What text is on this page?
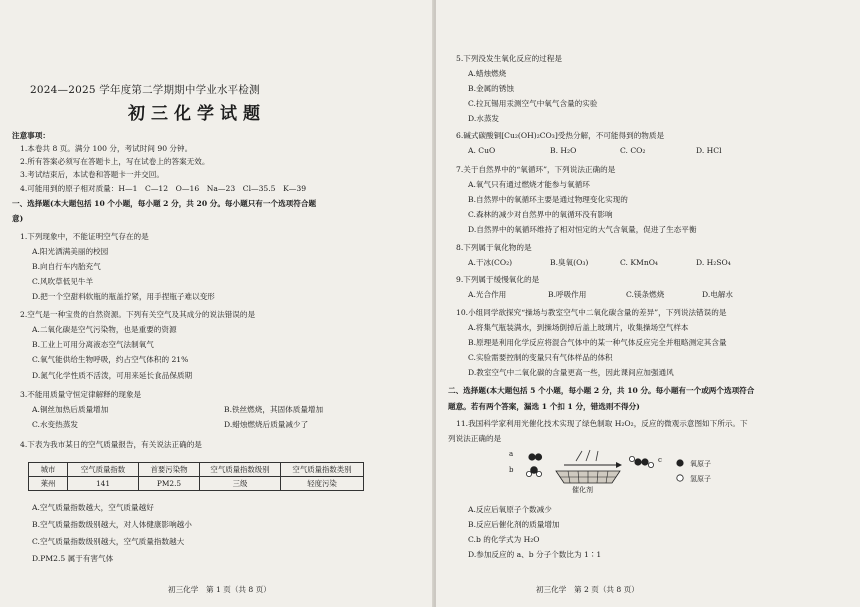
2024—2025 学年度第二学期期中学业水平检测
初三化学试题
注意事项：
1.本卷共 8 页。满分 100 分，考试时间 90 分钟。
2.所有答案必须写在答题卡上，写在试卷上的答案无效。
3.考试结束后，本试卷和答题卡一并交回。
4.可能用到的原子相对质量：H—1　C—12　O—16　Na—23　Cl—35.5　K—39
一、选择题(本大题包括 10 个小题，每小题 2 分，共 20 分。每小题只有一个选项符合题
意)
1.下列现象中，不能证明空气存在的是
A.阳光洒满美丽的校园
B.向自行车内胎充气
C.风吹草低见牛羊
D.把一个空甜料软瓶的瓶盖拧紧，用手捏瓶子难以变形
2.空气是一种宝贵的自然资源。下列有关空气及其成分的说法错误的是
A.二氧化碳是空气污染物，也是重要的资源
B.工业上可用分离液态空气法制氧气
C.氧气能供给生物呼吸，约占空气体积的 21%
D.氮气化学性质不活泼，可用来延长食品保质期
3.不能用质量守恒定律解释的现象是
A.铜丝加热后质量增加	B.铁丝燃烧，其固体质量增加
C.水变热蒸发	D.蜡烛燃烧后质量减少了
4.下表为我市某日的空气质量报告，有关说法正确的是
城市	空气质量指数	首要污染物	空气质量指数级别	空气质量指数类别
莱州	141	PM2.5	三级	轻度污染
A.空气质量指数越大，空气质量越好
B.空气质量指数级别越大，对人体健康影响越小
C.空气质量指数级别越大，空气质量指数越大
D.PM2.5 属于有害气体
初三化学　第 1 页（共 8 页）
5.下列没发生氧化反应的过程是
A.蜡烛燃烧
B.金属的锈蚀
C.拉瓦锡用汞测空气中氧气含量的实验
D.水蒸发
6.碱式碳酸铜[Cu₂(OH)₂CO₃]受热分解，不可能得到的物质是
A. CuO	B. H₂O	C. CO₂	D. HCl
7.关于自然界中的“氧循环”，下列说法正确的是
A.氧气只有通过燃烧才能参与氧循环
B.自然界中的氧循环主要是通过物理变化实现的
C.森林的减少对自然界中的氧循环没有影响
D.自然界中的氧循环维持了相对恒定的大气含氧量，促进了生态平衡
8.下列属于氧化物的是
A.干冰(CO₂)	B.臭氧(O₃)	C. KMnO₄	D. H₂SO₄
9.下列属于缓慢氧化的是
A.光合作用	B.呼吸作用	C.镁条燃烧	D.电解水
10.小组同学欲探究“操场与教室空气中二氧化碳含量的差异”，下列说法错误的是
A.将集气瓶装满水，到操场倒掉后盖上玻璃片，收集操场空气样本
B.原理是利用化学反应将混合气体中的某一种气体反应完全并粗略测定其含量
C.实验需要控制的变量只有气体样品的体积
D.教室空气中二氧化碳的含量更高一些，因此课间应加强通风
二、选择题(本大题包括 5 个小题，每小题 2 分，共 10 分。每小题有一个或两个选项符合
题意。若有两个答案，漏选 1 个扣 1 分，错选则不得分)
11.我国科学家利用光催化技术实现了绿色制取 H₂O₂，反应的微观示意图如下所示。下
列说法正确的是
A.反应后氧原子个数减少
B.反应后催化剂的质量增加
C.b 的化学式为 H₂O
D.参加反应的 a、b 分子个数比为 1∶1
初三化学　第 2 页（共 8 页）
a
b
c
催化剂
氧原子
氢原子
